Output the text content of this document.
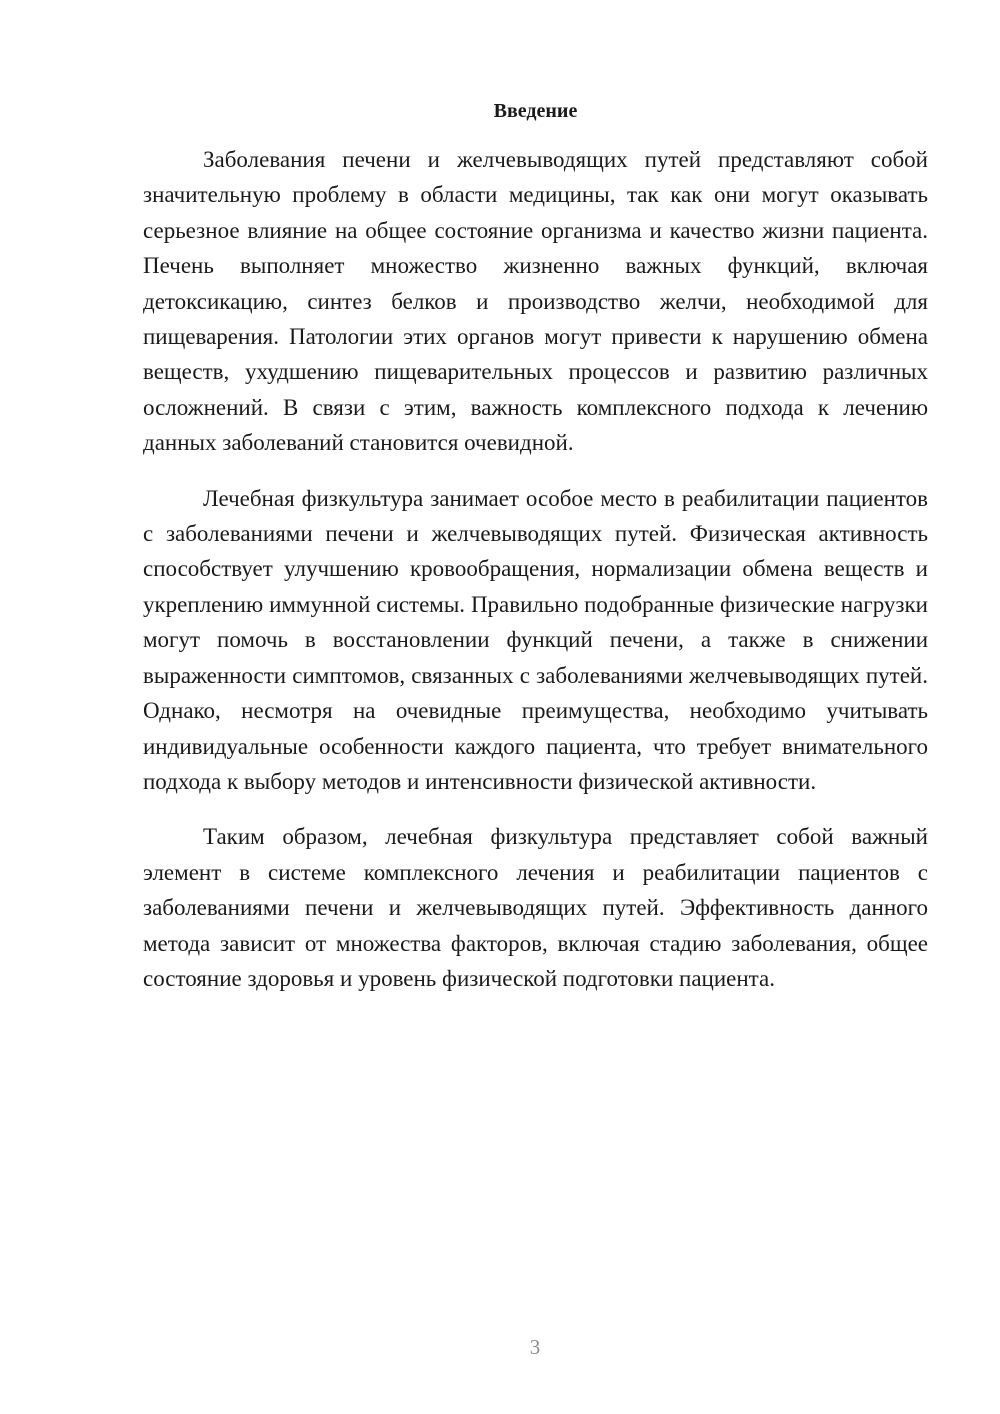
Введение

Заболевания печени и желчевыводящих путей представляют собой значительную проблему в области медицины, так как они могут оказывать серьезное влияние на общее состояние организма и качество жизни пациента. Печень выполняет множество жизненно важных функций, включая детоксикацию, синтез белков и производство желчи, необходимой для пищеварения. Патологии этих органов могут привести к нарушению обмена веществ, ухудшению пищеварительных процессов и развитию различных осложнений. В связи с этим, важность комплексного подхода к лечению данных заболеваний становится очевидной.

Лечебная физкультура занимает особое место в реабилитации пациентов с заболеваниями печени и желчевыводящих путей. Физическая активность способствует улучшению кровообращения, нормализации обмена веществ и укреплению иммунной системы. Правильно подобранные физические нагрузки могут помочь в восстановлении функций печени, а также в снижении выраженности симптомов, связанных с заболеваниями желчевыводящих путей. Однако, несмотря на очевидные преимущества, необходимо учитывать индивидуальные особенности каждого пациента, что требует внимательного подхода к выбору методов и интенсивности физической активности.

Таким образом, лечебная физкультура представляет собой важный элемент в системе комплексного лечения и реабилитации пациентов с заболеваниями печени и желчевыводящих путей. Эффективность данного метода зависит от множества факторов, включая стадию заболевания, общее состояние здоровья и уровень физической подготовки пациента.

3
